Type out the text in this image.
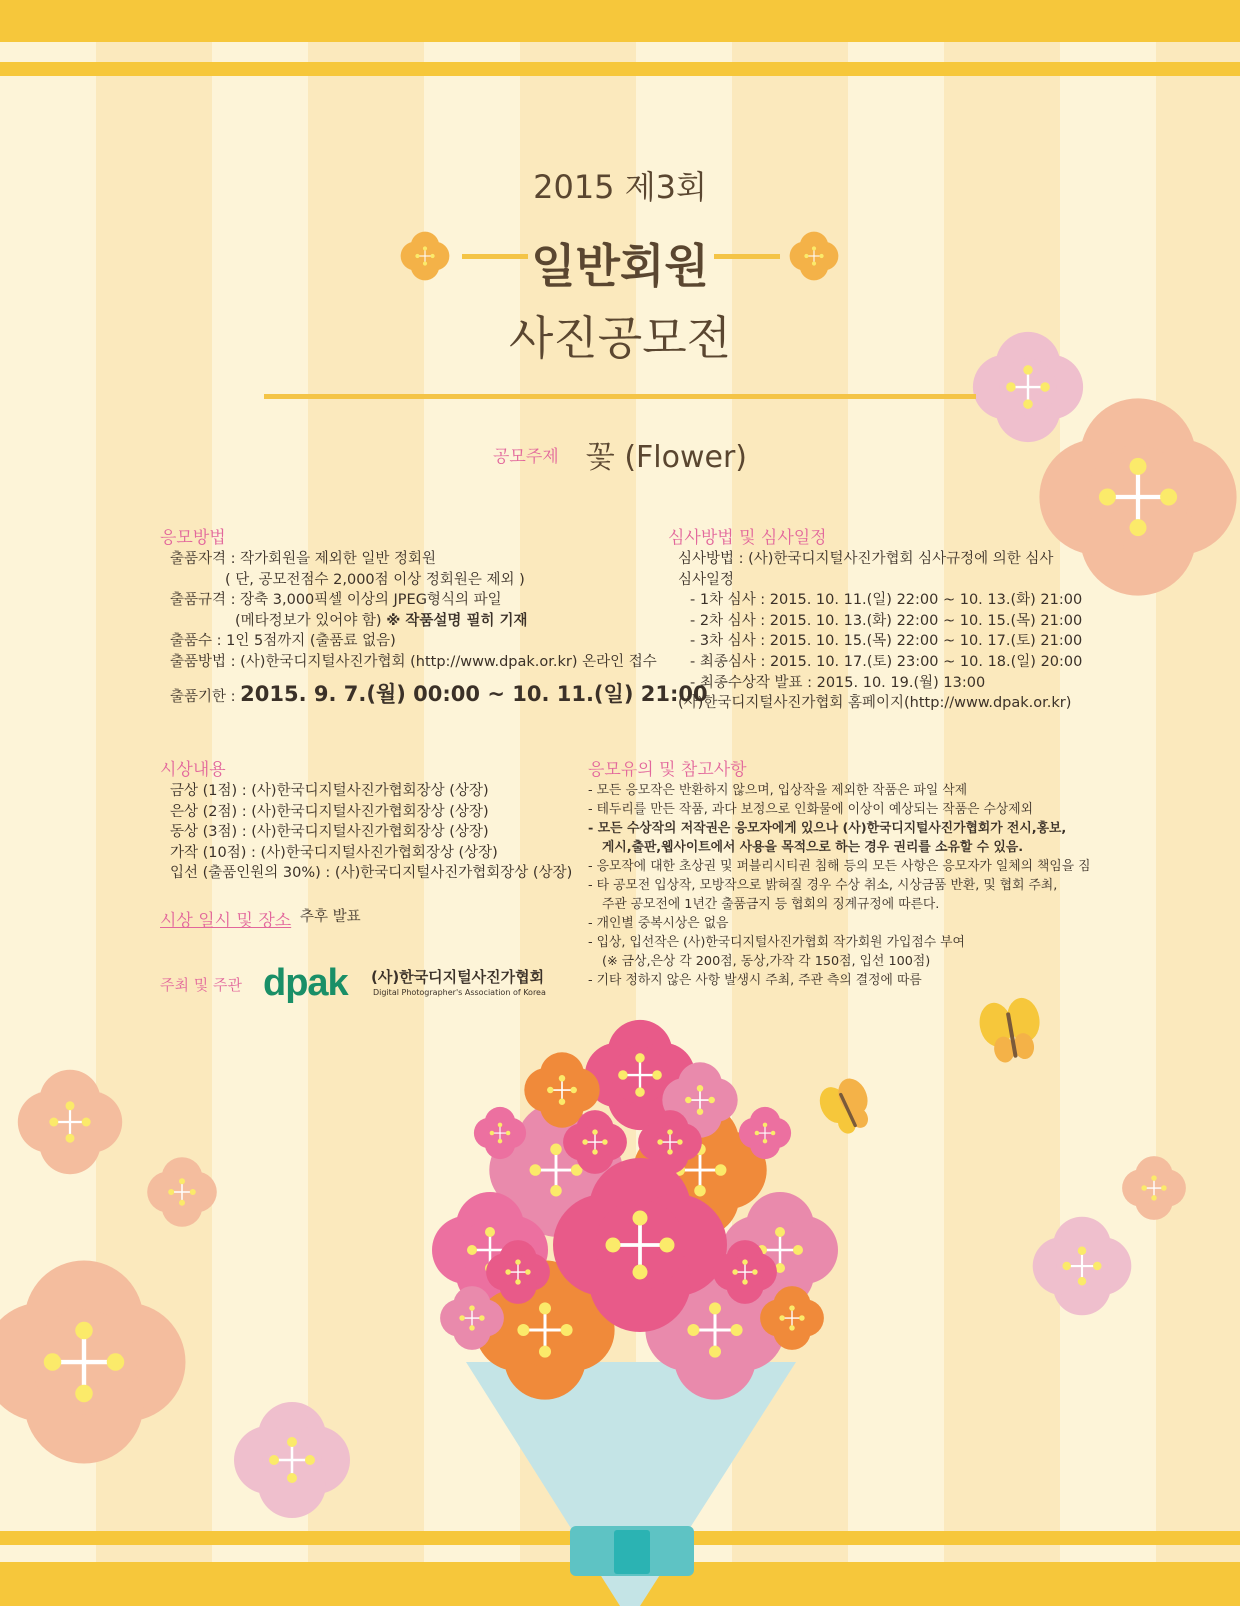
2015 제3회
일반회원
사진공모전
공모주제 꽃 (Flower)
응모방법
출품자격 : 작가회원을 제외한 일반 정회원
( 단, 공모전점수 2,000점 이상 정회원은 제외 )
출품규격 : 장축 3,000픽셀 이상의 JPEG형식의 파일
(메타정보가 있어야 함) ※ 작품설명 필히 기재
출품수 : 1인 5점까지 (출품료 없음)
출품방법 : (사)한국디지털사진가협회 (http://www.dpak.or.kr) 온라인 접수
출품기한 : 2015. 9. 7.(월) 00:00 ~ 10. 11.(일) 21:00
심사방법 및 심사일정
심사방법 : (사)한국디지털사진가협회 심사규정에 의한 심사
심사일정
- 1차 심사 : 2015. 10. 11.(일) 22:00 ~ 10. 13.(화) 21:00
- 2차 심사 : 2015. 10. 13.(화) 22:00 ~ 10. 15.(목) 21:00
- 3차 심사 : 2015. 10. 15.(목) 22:00 ~ 10. 17.(토) 21:00
- 최종심사 : 2015. 10. 17.(토) 23:00 ~ 10. 18.(일) 20:00
- 최종수상작 발표 : 2015. 10. 19.(월) 13:00
(사)한국디지털사진가협회 홈페이지(http://www.dpak.or.kr)
시상내용
금상 (1점) : (사)한국디지털사진가협회장상 (상장)
은상 (2점) : (사)한국디지털사진가협회장상 (상장)
동상 (3점) : (사)한국디지털사진가협회장상 (상장)
가작 (10점) : (사)한국디지털사진가협회장상 (상장)
입선 (출품인원의 30%) : (사)한국디지털사진가협회장상 (상장)
시상 일시 및 장소 추후 발표
응모유의 및 참고사항
- 모든 응모작은 반환하지 않으며, 입상작을 제외한 작품은 파일 삭제
- 테두리를 만든 작품, 과다 보정으로 인화물에 이상이 예상되는 작품은 수상제외
- 모든 수상작의 저작권은 응모자에게 있으나 (사)한국디지털사진가협회가 전시,홍보,
게시,출판,웹사이트에서 사용을 목적으로 하는 경우 권리를 소유할 수 있음.
- 응모작에 대한 초상권 및 퍼블리시티권 침해 등의 모든 사항은 응모자가 일체의 책임을 짐
- 타 공모전 입상작, 모방작으로 밝혀질 경우 수상 취소, 시상금품 반환, 및 협회 주최,
주관 공모전에 1년간 출품금지 등 협회의 징계규정에 따른다.
- 개인별 중복시상은 없음
- 입상, 입선작은 (사)한국디지털사진가협회 작가회원 가입점수 부여
(※ 금상,은상 각 200점, 동상,가작 각 150점, 입선 100점)
- 기타 정하지 않은 사항 발생시 주최, 주관 측의 결정에 따름
주최 및 주관 dpak (사)한국디지털사진가협회
Digital Photographer's Association of Korea
